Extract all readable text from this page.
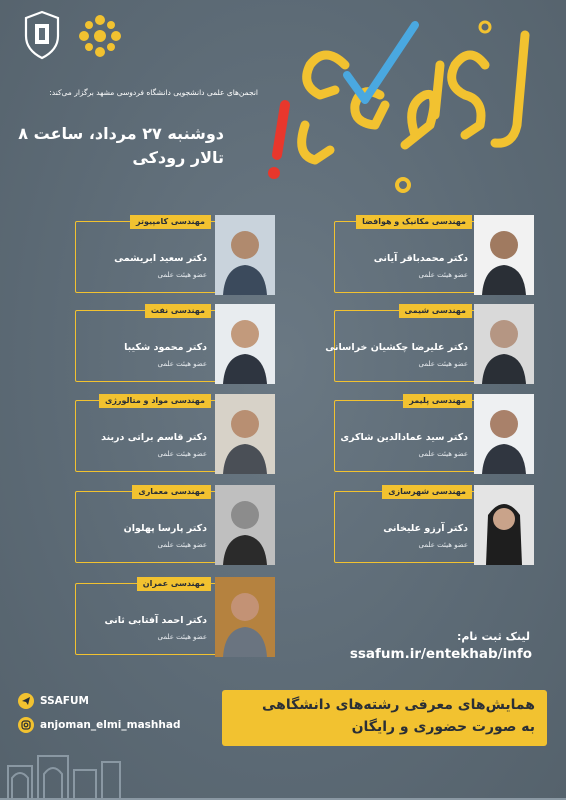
انجمن‌های علمی دانشجویی دانشگاه فردوسی مشهد برگزار می‌کند:
دوشنبه ۲۷ مرداد، ساعت ۸
تالار رودکی
مهندسی کامپیوتر
دکتر سعید ابریشمی
عضو هیئت علمی
مهندسی نفت
دکتر محمود شکیبا
عضو هیئت علمی
مهندسی مواد و متالورژی
دکتر قاسم براتی دربند
عضو هیئت علمی
مهندسی معماری
دکتر پارسا پهلوان
عضو هیئت علمی
مهندسی عمران
دکتر احمد آفتابی ثانی
عضو هیئت علمی
مهندسی مکانیک و هوافضا
دکتر محمدباقر آیانی
عضو هیئت علمی
مهندسی شیمی
دکتر علیرضا چکشیان خراسانی
عضو هیئت علمی
مهندسی پلیمر
دکتر سید عمادالدین شاکری
عضو هیئت علمی
مهندسی شهرسازی
دکتر آرزو علیخانی
عضو هیئت علمی
لینک ثبت نام:
ssafum.ir/entekhab/info
SSAFUM
anjoman_elmi_mashhad
همایش‌های معرفی رشته‌های دانشگاهی
به صورت حضوری و رایگان
